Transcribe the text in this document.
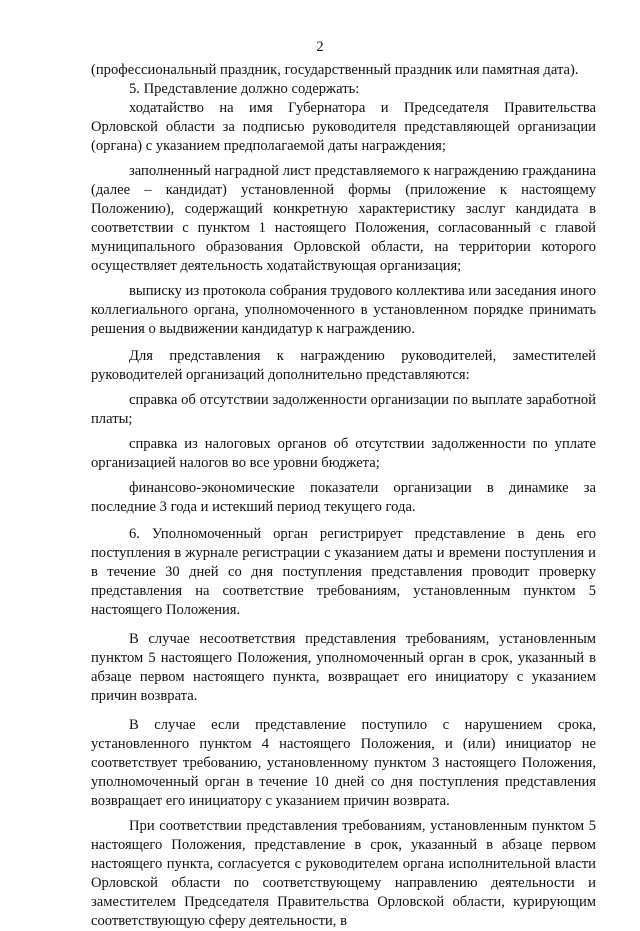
2

(профессиональный праздник, государственный праздник или памятная дата).

5. Представление должно содержать:

ходатайство на имя Губернатора и Председателя Правительства Орловской области за подписью руководителя представляющей организации (органа) с указанием предполагаемой даты награждения;

заполненный наградной лист представляемого к награждению гражданина (далее – кандидат) установленной формы (приложение к настоящему Положению), содержащий конкретную характеристику заслуг кандидата в соответствии с пунктом 1 настоящего Положения, согласованный с главой муниципального образования Орловской области, на территории которого осуществляет деятельность ходатайствующая организация;

выписку из протокола собрания трудового коллектива или заседания иного коллегиального органа, уполномоченного в установленном порядке принимать решения о выдвижении кандидатур к награждению.

Для представления к награждению руководителей, заместителей руководителей организаций дополнительно представляются:

справка об отсутствии задолженности организации по выплате заработной платы;

справка из налоговых органов об отсутствии задолженности по уплате организацией налогов во все уровни бюджета;

финансово-экономические показатели организации в динамике за последние 3 года и истекший период текущего года.

6. Уполномоченный орган регистрирует представление в день его поступления в журнале регистрации с указанием даты и времени поступления и в течение 30 дней со дня поступления представления проводит проверку представления на соответствие требованиям, установленным пунктом 5 настоящего Положения.

В случае несоответствия представления требованиям, установленным пунктом 5 настоящего Положения, уполномоченный орган в срок, указанный в абзаце первом настоящего пункта, возвращает его инициатору с указанием причин возврата.

В случае если представление поступило с нарушением срока, установленного пунктом 4 настоящего Положения, и (или) инициатор не соответствует требованию, установленному пунктом 3 настоящего Положения, уполномоченный орган в течение 10 дней со дня поступления представления возвращает его инициатору с указанием причин возврата.

При соответствии представления требованиям, установленным пунктом 5 настоящего Положения, представление в срок, указанный в абзаце первом настоящего пункта, согласуется с руководителем органа исполнительной власти Орловской области по соответствующему направлению деятельности и заместителем Председателя Правительства Орловской области, курирующим соответствующую сферу деятельности, в
